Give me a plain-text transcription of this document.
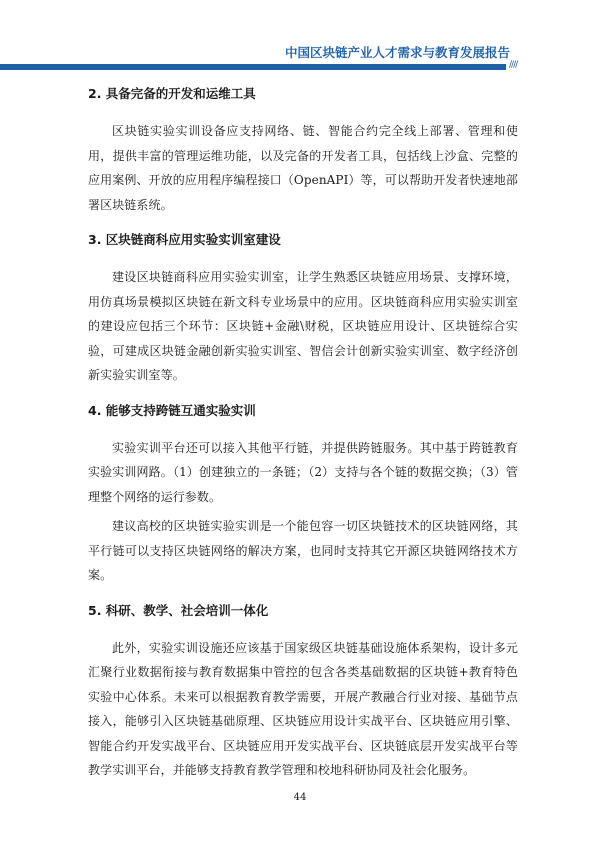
中国区块链产业人才需求与教育发展报告
////
2. 具备完备的开发和运维工具

区块链实验实训设备应支持网络、链、智能合约完全线上部署、管理和使用，提供丰富的管理运维功能，以及完备的开发者工具，包括线上沙盒、完整的应用案例、开放的应用程序编程接口（OpenAPI）等，可以帮助开发者快速地部署区块链系统。

3. 区块链商科应用实验实训室建设

建设区块链商科应用实验实训室，让学生熟悉区块链应用场景、支撑环境，用仿真场景模拟区块链在新文科专业场景中的应用。区块链商科应用实验实训室的建设应包括三个环节：区块链+金融\财税，区块链应用设计、区块链综合实验，可建成区块链金融创新实验实训室、智信会计创新实验实训室、数字经济创新实验实训室等。

4. 能够支持跨链互通实验实训

实验实训平台还可以接入其他平行链，并提供跨链服务。其中基于跨链教育实验实训网路。（1）创建独立的一条链；（2）支持与各个链的数据交换；（3）管理整个网络的运行参数。

建议高校的区块链实验实训是一个能包容一切区块链技术的区块链网络，其平行链可以支持区块链网络的解决方案，也同时支持其它开源区块链网络技术方案。

5. 科研、教学、社会培训一体化

此外，实验实训设施还应该基于国家级区块链基础设施体系架构，设计多元汇聚行业数据衔接与教育数据集中管控的包含各类基础数据的区块链+教育特色实验中心体系。未来可以根据教育教学需要，开展产教融合行业对接、基础节点接入，能够引入区块链基础原理、区块链应用设计实战平台、区块链应用引擎、智能合约开发实战平台、区块链应用开发实战平台、区块链底层开发实战平台等教学实训平台，并能够支持教育教学管理和校地科研协同及社会化服务。

44
